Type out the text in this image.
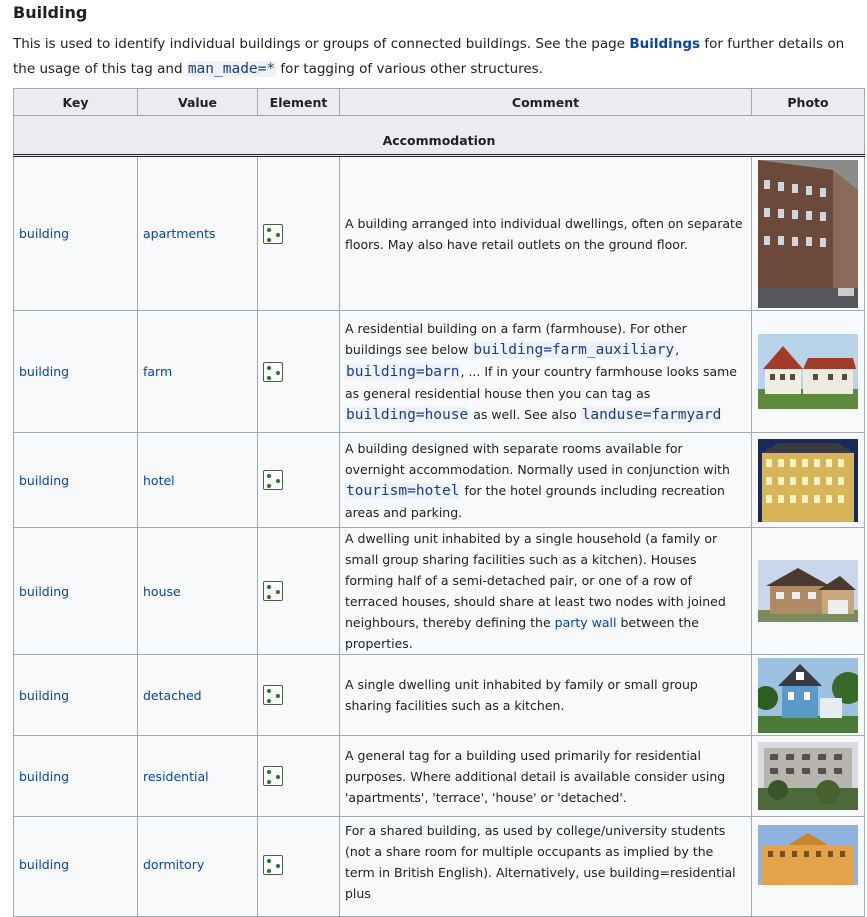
Building
This is used to identify individual buildings or groups of connected buildings. See the page Buildings for further details on the usage of this tag and man_made=* for tagging of various other structures.
Key	Value	Element	Comment	Photo
Accommodation				
building	apartments		A building arranged into individual dwellings, often on separate floors. May also have retail outlets on the ground floor.	

building	farm		A residential building on a farm (farmhouse). For other buildings see below building=farm_auxiliary, building=barn, ... If in your country farmhouse looks same as general residential house then you can tag as building=house as well. See also landuse=farmyard	

building	hotel		A building designed with separate rooms available for overnight accommodation. Normally used in conjunction with tourism=hotel for the hotel grounds including recreation areas and parking.	

building	house		A dwelling unit inhabited by a single household (a family or small group sharing facilities such as a kitchen). Houses forming half of a semi-detached pair, or one of a row of terraced houses, should share at least two nodes with joined neighbours, thereby defining the party wall between the properties.	

building	detached		A single dwelling unit inhabited by family or small group sharing facilities such as a kitchen.	

building	residential		A general tag for a building used primarily for residential purposes. Where additional detail is available consider using 'apartments', 'terrace', 'house' or 'detached'.	

building	dormitory		For a shared building, as used by college/university students (not a share room for multiple occupants as implied by the term in British English). Alternatively, use building=residential plus	
